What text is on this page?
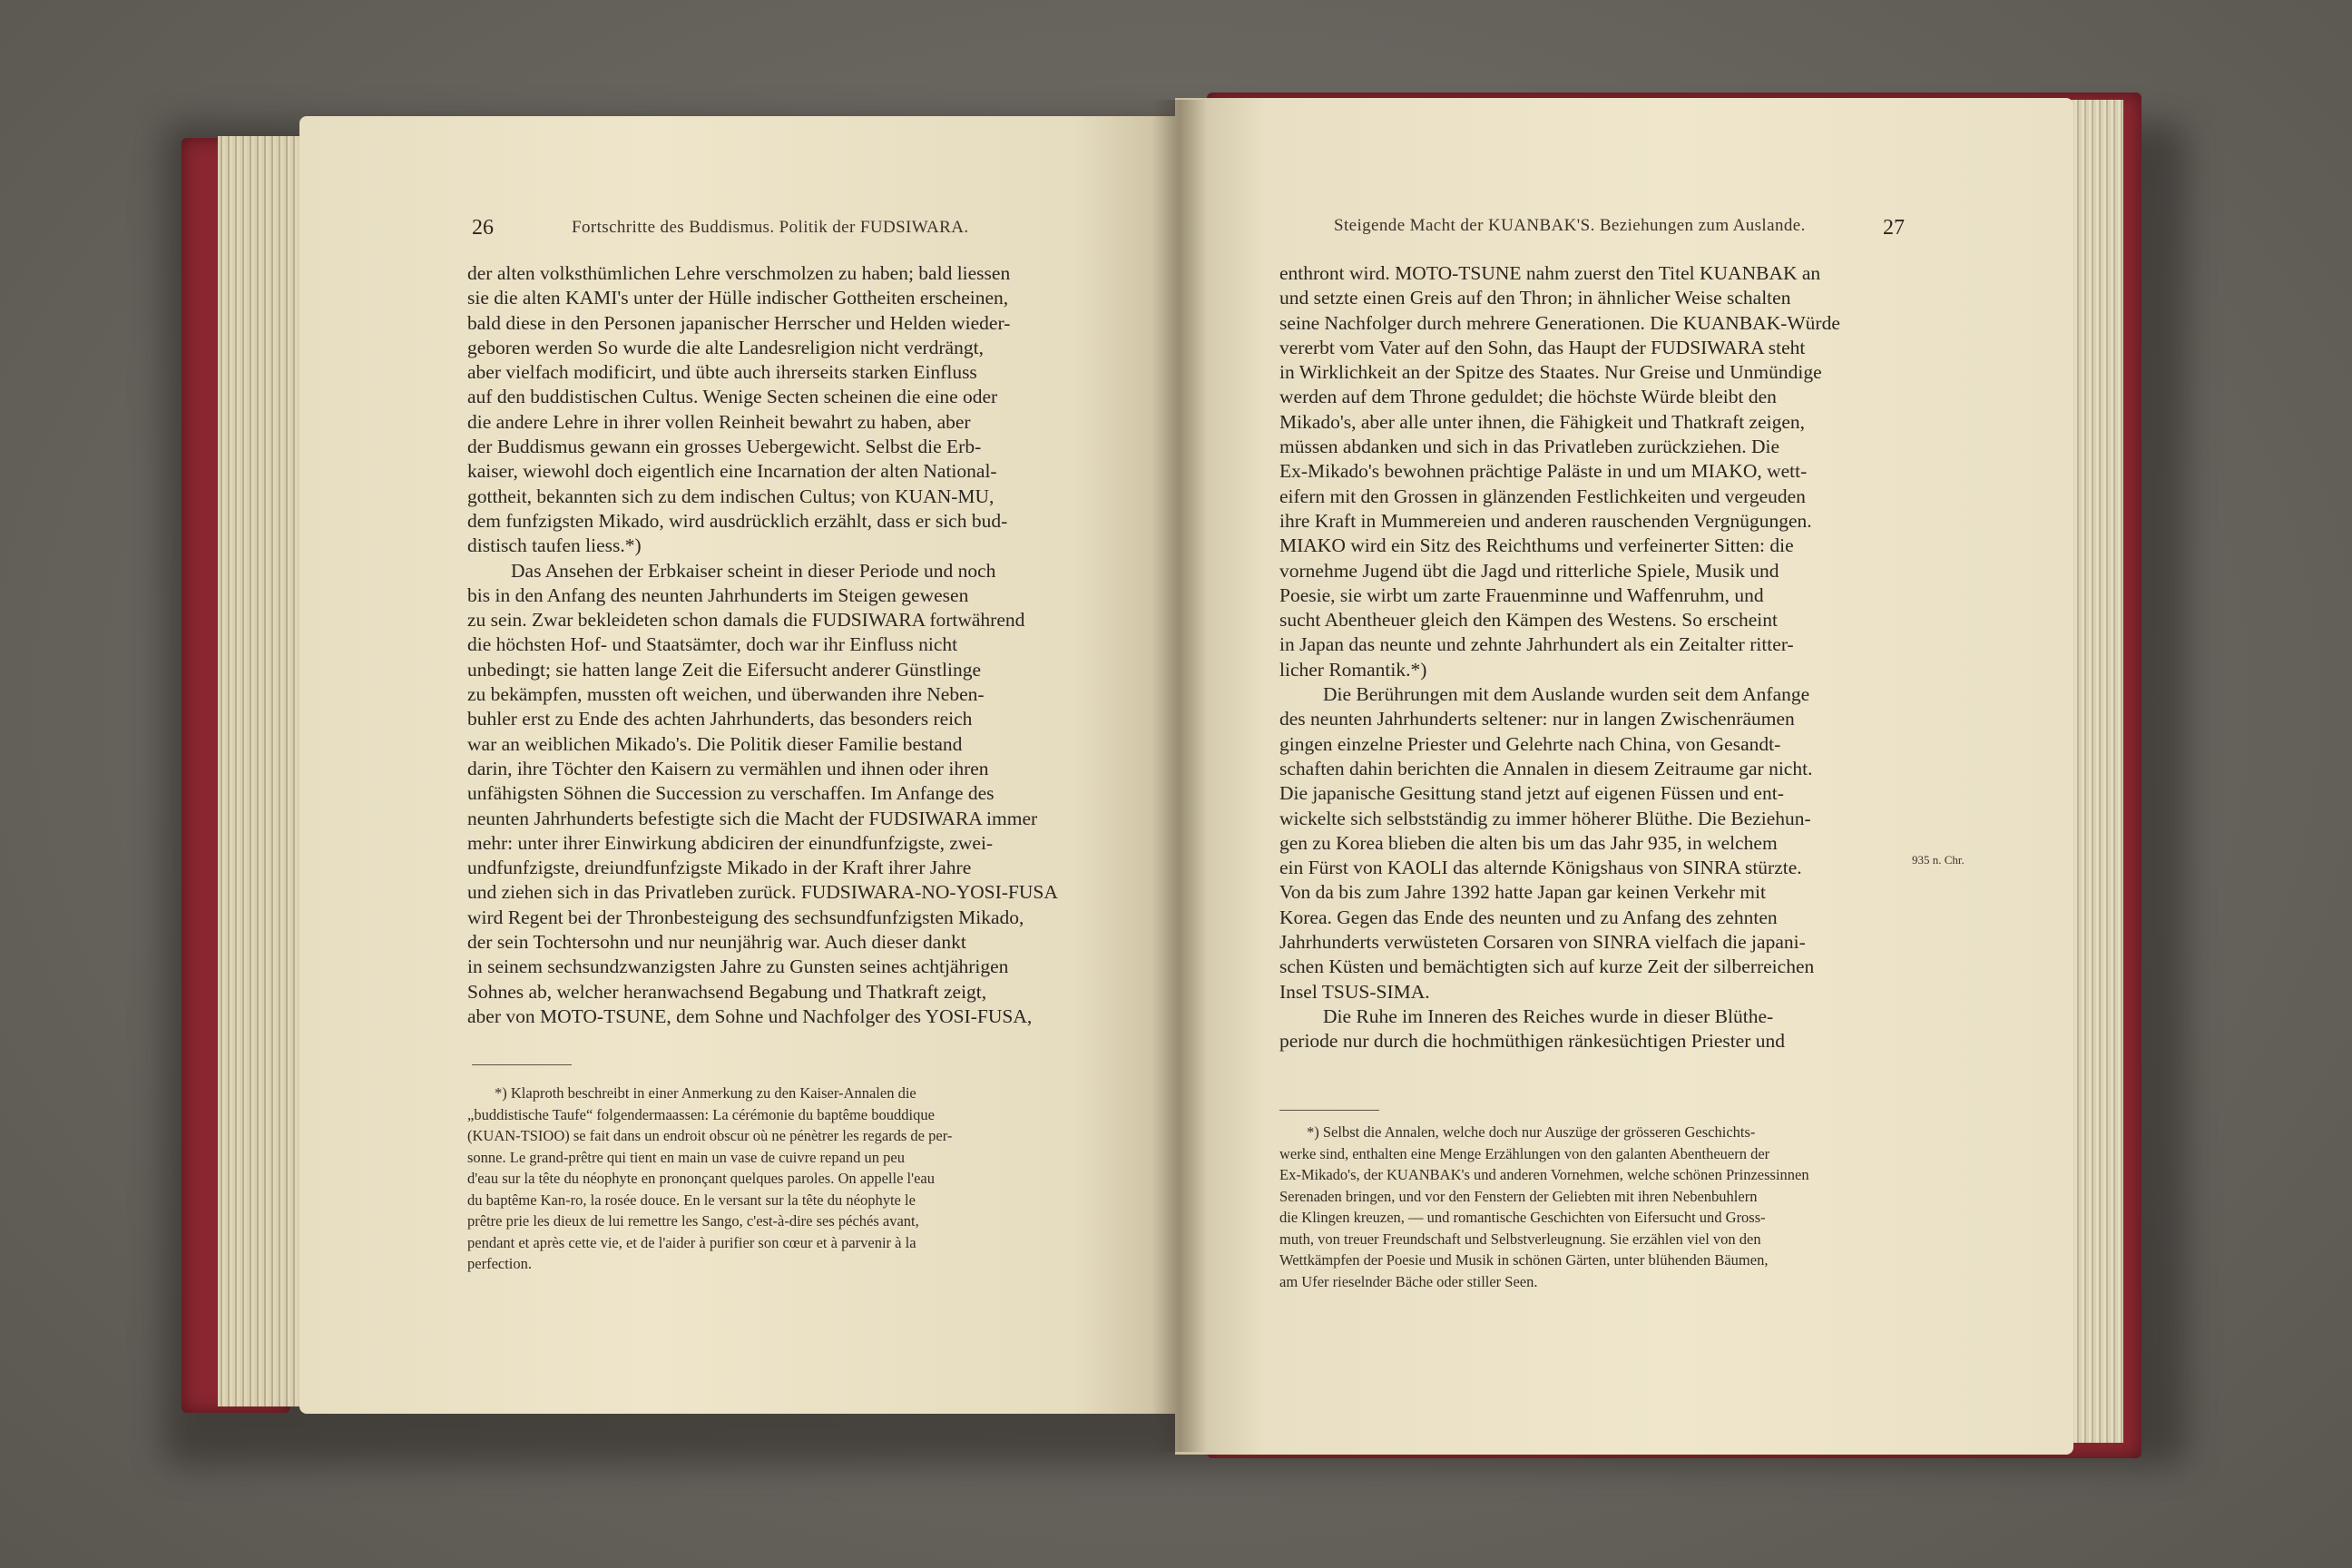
26	Fortschritte des Buddismus. Politik der FUDSIWARA.

der alten volksthümlichen Lehre verschmolzen zu haben; bald liessen

sie die alten KAMI's unter der Hülle indischer Gottheiten erscheinen,

bald diese in den Personen japanischer Herrscher und Helden wieder-

geboren werden So wurde die alte Landesreligion nicht verdrängt,

aber vielfach modificirt, und übte auch ihrerseits starken Einfluss

auf den buddistischen Cultus. Wenige Secten scheinen die eine oder

die andere Lehre in ihrer vollen Reinheit bewahrt zu haben, aber

der Buddismus gewann ein grosses Uebergewicht. Selbst die Erb-

kaiser, wiewohl doch eigentlich eine Incarnation der alten National-

gottheit, bekannten sich zu dem indischen Cultus; von KUAN-MU,

dem funfzigsten Mikado, wird ausdrücklich erzählt, dass er sich bud-

distisch taufen liess.*)

Das Ansehen der Erbkaiser scheint in dieser Periode und noch

bis in den Anfang des neunten Jahrhunderts im Steigen gewesen

zu sein. Zwar bekleideten schon damals die FUDSIWARA fortwährend

die höchsten Hof- und Staatsämter, doch war ihr Einfluss nicht

unbedingt; sie hatten lange Zeit die Eifersucht anderer Günstlinge

zu bekämpfen, mussten oft weichen, und überwanden ihre Neben-

buhler erst zu Ende des achten Jahrhunderts, das besonders reich

war an weiblichen Mikado's. Die Politik dieser Familie bestand

darin, ihre Töchter den Kaisern zu vermählen und ihnen oder ihren

unfähigsten Söhnen die Succession zu verschaffen. Im Anfange des

neunten Jahrhunderts befestigte sich die Macht der FUDSIWARA immer

mehr: unter ihrer Einwirkung abdiciren der einundfunfzigste, zwei-

undfunfzigste, dreiundfunfzigste Mikado in der Kraft ihrer Jahre

und ziehen sich in das Privatleben zurück. FUDSIWARA-NO-YOSI-FUSA

wird Regent bei der Thronbesteigung des sechsundfunfzigsten Mikado,

der sein Tochtersohn und nur neunjährig war. Auch dieser dankt

in seinem sechsundzwanzigsten Jahre zu Gunsten seines achtjährigen

Sohnes ab, welcher heranwachsend Begabung und Thatkraft zeigt,

aber von MOTO-TSUNE, dem Sohne und Nachfolger des YOSI-FUSA,

*) Klaproth beschreibt in einer Anmerkung zu den Kaiser-Annalen die

„buddistische Taufe“ folgendermaassen: La cérémonie du baptême bouddique

(KUAN-TSIOO) se fait dans un endroit obscur où ne pénètrer les regards de per-

sonne. Le grand-prêtre qui tient en main un vase de cuivre repand un peu

d'eau sur la tête du néophyte en prononçant quelques paroles. On appelle l'eau

du baptême Kan-ro, la rosée douce. En le versant sur la tête du néophyte le

prêtre prie les dieux de lui remettre les Sango, c'est-à-dire ses péchés avant,

pendant et après cette vie, et de l'aider à purifier son cœur et à parvenir à la

perfection.

Steigende Macht der KUANBAK'S. Beziehungen zum Auslande.	27

enthront wird. MOTO-TSUNE nahm zuerst den Titel KUANBAK an

und setzte einen Greis auf den Thron; in ähnlicher Weise schalten

seine Nachfolger durch mehrere Generationen. Die KUANBAK-Würde

vererbt vom Vater auf den Sohn, das Haupt der FUDSIWARA steht

in Wirklichkeit an der Spitze des Staates. Nur Greise und Unmündige

werden auf dem Throne geduldet; die höchste Würde bleibt den

Mikado's, aber alle unter ihnen, die Fähigkeit und Thatkraft zeigen,

müssen abdanken und sich in das Privatleben zurückziehen. Die

Ex-Mikado's bewohnen prächtige Paläste in und um MIAKO, wett-

eifern mit den Grossen in glänzenden Festlichkeiten und vergeuden

ihre Kraft in Mummereien und anderen rauschenden Vergnügungen.

MIAKO wird ein Sitz des Reichthums und verfeinerter Sitten: die

vornehme Jugend übt die Jagd und ritterliche Spiele, Musik und

Poesie, sie wirbt um zarte Frauenminne und Waffenruhm, und

sucht Abentheuer gleich den Kämpen des Westens. So erscheint

in Japan das neunte und zehnte Jahrhundert als ein Zeitalter ritter-

licher Romantik.*)

Die Berührungen mit dem Auslande wurden seit dem Anfange

des neunten Jahrhunderts seltener: nur in langen Zwischenräumen

gingen einzelne Priester und Gelehrte nach China, von Gesandt-

schaften dahin berichten die Annalen in diesem Zeitraume gar nicht.

Die japanische Gesittung stand jetzt auf eigenen Füssen und ent-

wickelte sich selbstständig zu immer höherer Blüthe. Die Beziehun-

gen zu Korea blieben die alten bis um das Jahr 935, in welchem

ein Fürst von KAOLI das alternde Königshaus von SINRA stürzte.

Von da bis zum Jahre 1392 hatte Japan gar keinen Verkehr mit

Korea. Gegen das Ende des neunten und zu Anfang des zehnten

Jahrhunderts verwüsteten Corsaren von SINRA vielfach die japani-

schen Küsten und bemächtigten sich auf kurze Zeit der silberreichen

Insel TSUS-SIMA.

Die Ruhe im Inneren des Reiches wurde in dieser Blüthe-

periode nur durch die hochmüthigen ränkesüchtigen Priester und

935 n. Chr.

*) Selbst die Annalen, welche doch nur Auszüge der grösseren Geschichts-

werke sind, enthalten eine Menge Erzählungen von den galanten Abentheuern der

Ex-Mikado's, der KUANBAK's und anderen Vornehmen, welche schönen Prinzessinnen

Serenaden bringen, und vor den Fenstern der Geliebten mit ihren Nebenbuhlern

die Klingen kreuzen, — und romantische Geschichten von Eifersucht und Gross-

muth, von treuer Freundschaft und Selbstverleugnung. Sie erzählen viel von den

Wettkämpfen der Poesie und Musik in schönen Gärten, unter blühenden Bäumen,

am Ufer rieselnder Bäche oder stiller Seen.
